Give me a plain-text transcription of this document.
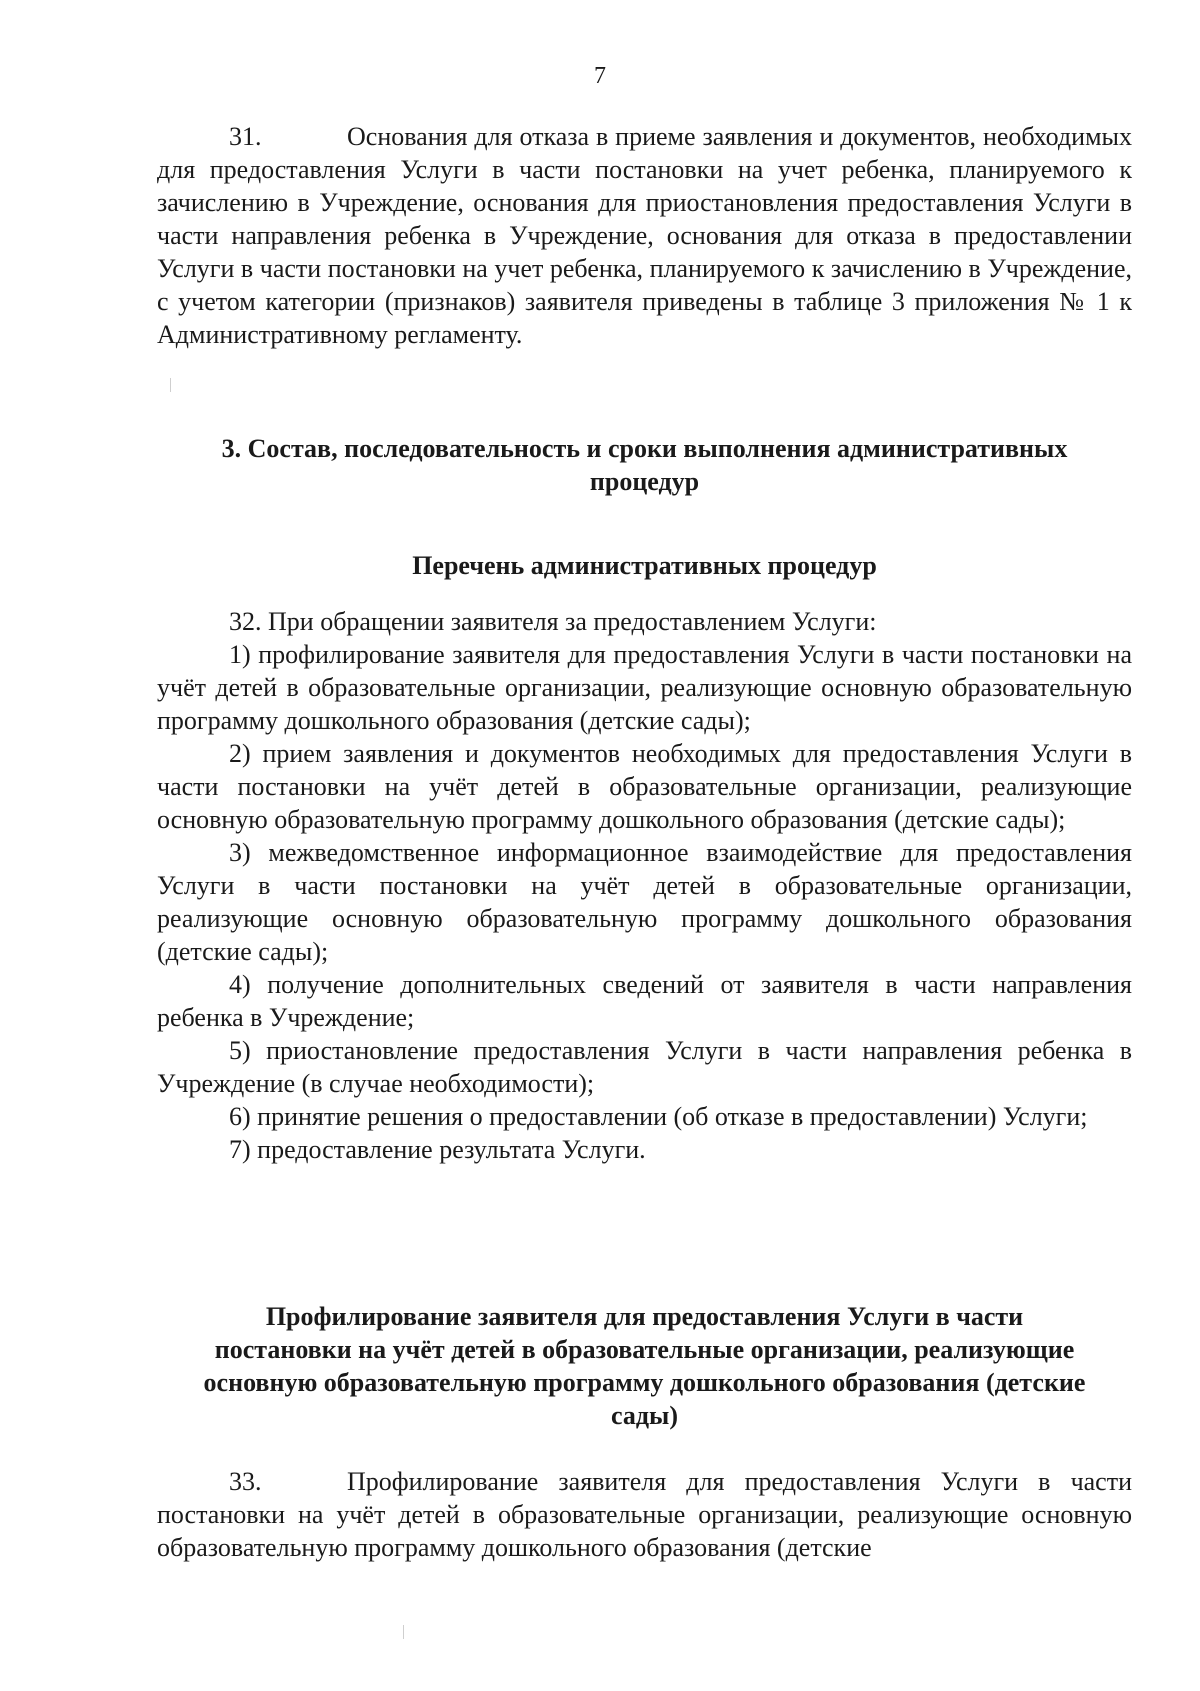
7

31.	Основания для отказа в приеме заявления и документов, необходимых для предоставления Услуги в части постановки на учет ребенка, планируемого к зачислению в Учреждение, основания для приостановления предоставления Услуги в части направления ребенка в Учреждение, основания для отказа в предоставлении Услуги в части постановки на учет ребенка, планируемого к зачислению в Учреждение, с учетом категории (признаков) заявителя приведены в таблице 3 приложения № 1 к Административному регламенту.

3. Состав, последовательность и сроки выполнения административных

процедур

Перечень административных процедур

32. При обращении заявителя за предоставлением Услуги:

1) профилирование заявителя для предоставления Услуги в части постановки на учёт детей в образовательные организации, реализующие основную образовательную программу дошкольного образования (детские сады);

2) прием заявления и документов необходимых для предоставления Услуги в части постановки на учёт детей в образовательные организации, реализующие основную образовательную программу дошкольного образования (детские сады);

3) межведомственное информационное взаимодействие для предоставления Услуги в части постановки на учёт детей в образовательные организации, реализующие основную образовательную программу дошкольного образования (детские сады);

4) получение дополнительных сведений от заявителя в части направления ребенка в Учреждение;

5) приостановление предоставления Услуги в части направления ребенка в Учреждение (в случае необходимости);

6) принятие решения о предоставлении (об отказе в предоставлении) Услуги;

7) предоставление результата Услуги.

Профилирование заявителя для предоставления Услуги в части

постановки на учёт детей в образовательные организации, реализующие

основную образовательную программу дошкольного образования (детские

сады)

33.	Профилирование заявителя для предоставления Услуги в части постановки на учёт детей в образовательные организации, реализующие основную образовательную программу дошкольного образования (детские
